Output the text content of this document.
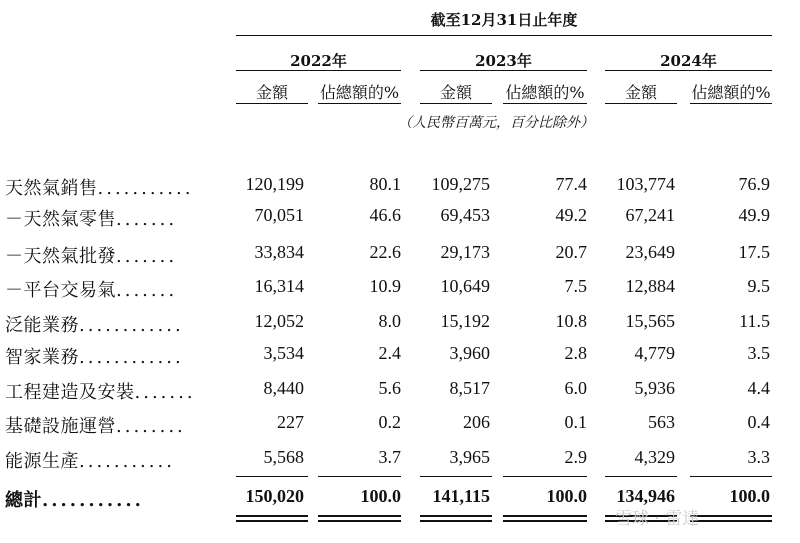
截至12月31日止年度
2022年	2023年	2024年
金額	佔總額的%	金額	佔總額的%	金額	佔總額的%
（人民幣百萬元，百分比除外）
天然氣銷售...........	120,199	80.1	109,275	77.4	103,774	76.9
－天然氣零售.......	70,051	46.6	69,453	49.2	67,241	49.9
－天然氣批發.......	33,834	22.6	29,173	20.7	23,649	17.5
－平台交易氣.......	16,314	10.9	10,649	7.5	12,884	9.5
泛能業務............	12,052	8.0	15,192	10.8	15,565	11.5
智家業務............	3,534	2.4	3,960	2.8	4,779	3.5
工程建造及安裝.......	8,440	5.6	8,517	6.0	5,936	4.4
基礎設施運營........	227	0.2	206	0.1	563	0.4
能源生產...........	5,568	3.7	3,965	2.9	4,329	3.3
總計...........	150,020	100.0	141,115	100.0	134,946	100.0
雪球 · 雷達
